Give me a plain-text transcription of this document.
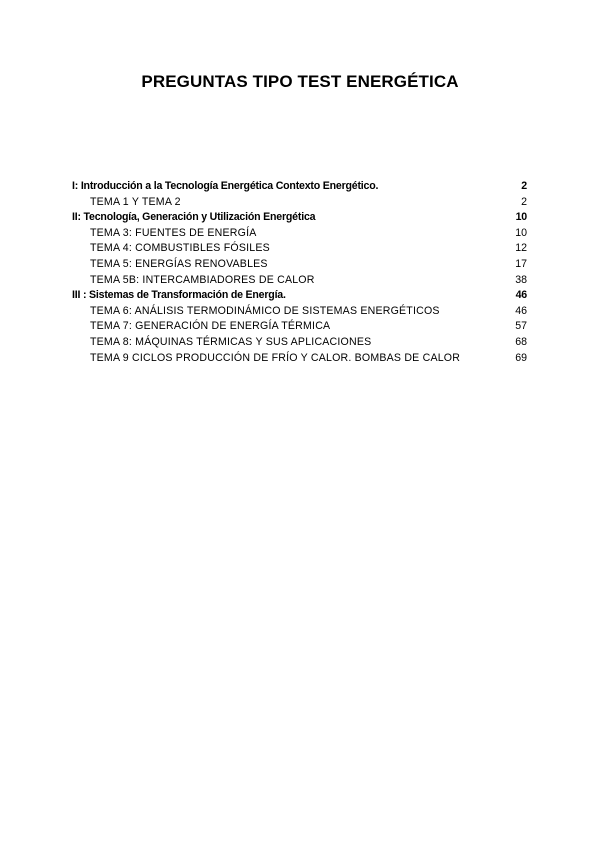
PREGUNTAS TIPO TEST ENERGÉTICA
I: Introducción a la Tecnología Energética Contexto Energético.	2
TEMA 1 Y TEMA 2	2
II: Tecnología, Generación y Utilización Energética	10
TEMA 3: FUENTES DE ENERGÍA	10
TEMA 4: COMBUSTIBLES FÓSILES	12
TEMA 5: ENERGÍAS RENOVABLES	17
TEMA 5B: INTERCAMBIADORES DE CALOR	38
III : Sistemas de Transformación de Energía.	46
TEMA 6: ANÁLISIS TERMODINÁMICO DE SISTEMAS ENERGÉTICOS	46
TEMA 7: GENERACIÓN DE ENERGÍA TÉRMICA	57
TEMA 8: MÁQUINAS TÉRMICAS Y SUS APLICACIONES	68
TEMA 9 CICLOS PRODUCCIÓN DE FRÍO Y CALOR. BOMBAS DE CALOR	69
